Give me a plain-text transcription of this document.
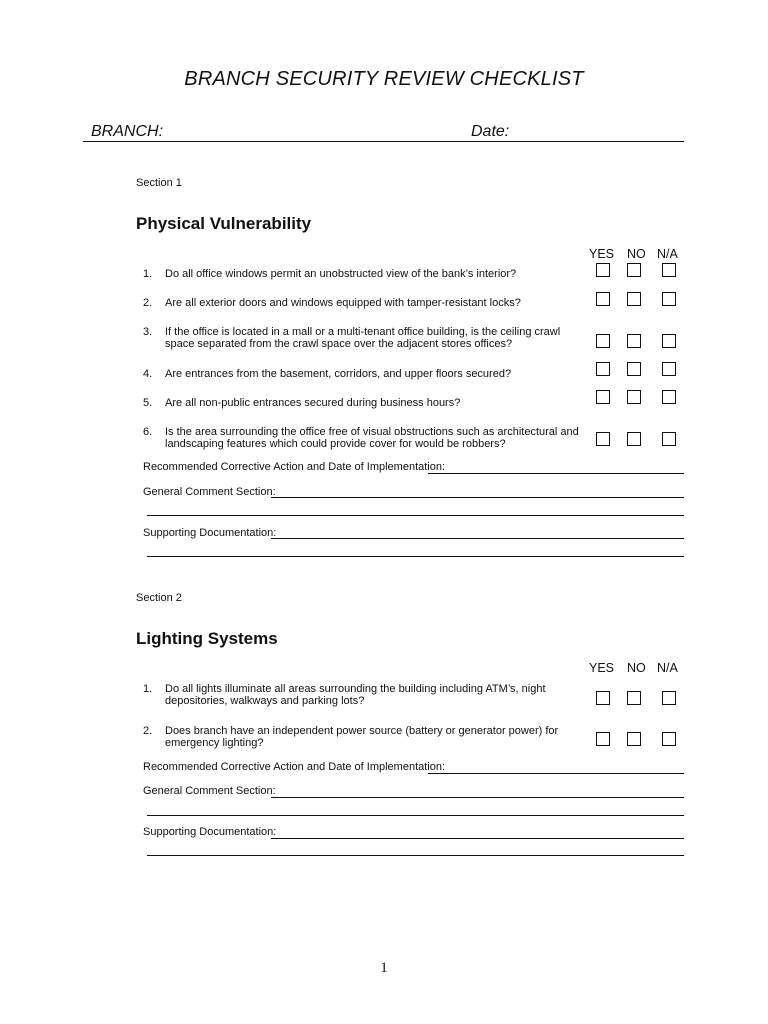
BRANCH SECURITY REVIEW CHECKLIST
BRANCH:	Date:
Section 1
Physical Vulnerability
YES NO N/A
1.	Do all office windows permit an unobstructed view of the bank’s interior?
2.	Are all exterior doors and windows equipped with tamper-resistant locks?
3.	If the office is located in a mall or a multi-tenant office building, is the ceiling crawl space separated from the crawl space over the adjacent stores offices?
4.	Are entrances from the basement, corridors, and upper floors secured?
5.	Are all non-public entrances secured during business hours?
6.	Is the area surrounding the office free of visual obstructions such as architectural and landscaping features which could provide cover for would be robbers?
Recommended Corrective Action and Date of Implementation:
General Comment Section:
Supporting Documentation:
Section 2
Lighting Systems
YES NO N/A
1.	Do all lights illuminate all areas surrounding the building including ATM’s, night depositories, walkways and parking lots?
2.	Does branch have an independent power source (battery or generator power) for emergency lighting?
Recommended Corrective Action and Date of Implementation:
General Comment Section:
Supporting Documentation:
1
